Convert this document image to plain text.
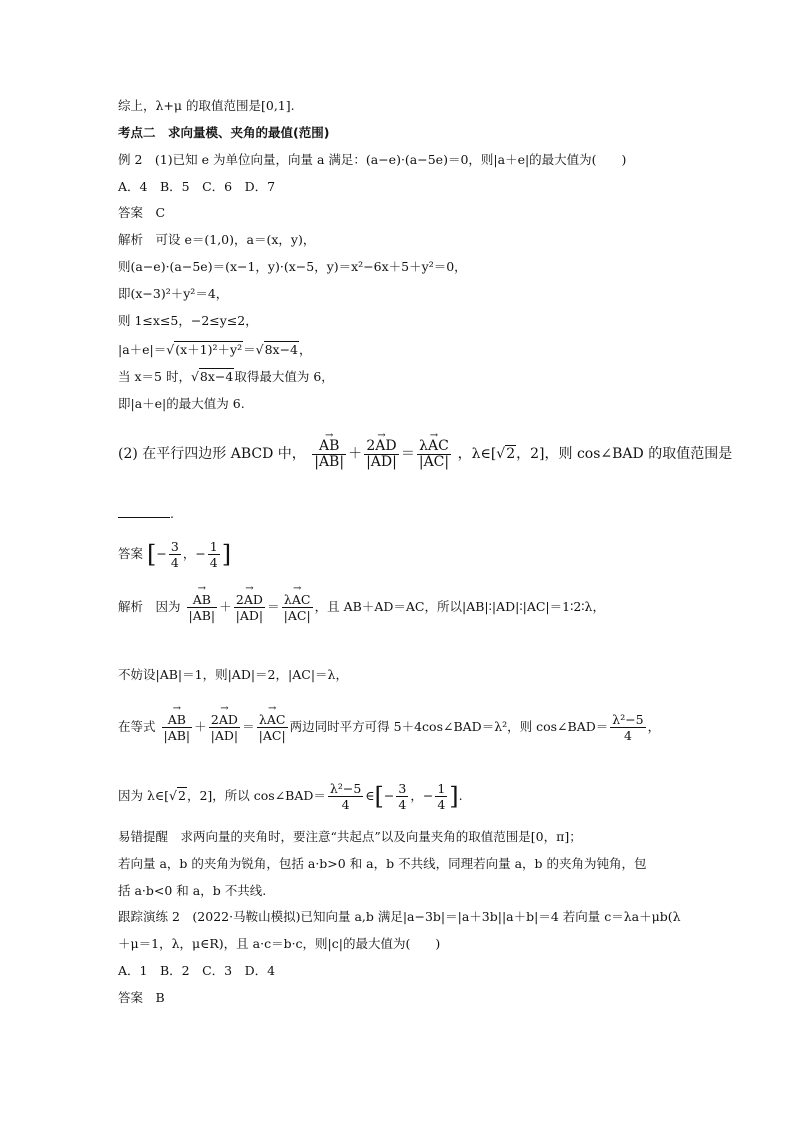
综上，λ+μ 的取值范围是[0,1].
考点二　求向量模、夹角的最值(范围)
例 2　(1)已知 e 为单位向量，向量 a 满足：(a−e)·(a−5e)＝0，则|a＋e|的最大值为(　　)
A．4　B．5　C．6　D．7
答案　C
解析　可设 e＝(1,0)，a＝(x，y)，
则(a−e)·(a−5e)＝(x−1，y)·(x−5，y)＝x²−6x＋5＋y²＝0，
即(x−3)²＋y²＝4，
则 1≤x≤5，−2≤y≤2，
|a＋e|＝√(x＋1)²＋y²＝√8x−4，
当 x＝5 时，√8x−4取得最大值为 6，
即|a＋e|的最大值为 6.
(2) 在平行四边形 ABCD 中， → $\frac{AB}{|AB|}$ ＋ → $\frac{2AD}{|AD|}$ ＝ → $\frac{\text{λAC}}{|AC|}$ ，λ∈[√2，2]，则 cos∠BAD 的取值范围是
.
答案 [− $\frac{3}{4}$ ，− $\frac{1}{4}$ ]
解析　因为 → $\frac{AB}{|AB|}$ ＋ → $\frac{2AD}{|AD|}$ ＝ → $\frac{\text{λAC}}{|AC|}$ ，且 AB＋AD＝AC，所以|AB|∶|AD|∶|AC|＝1∶2∶λ，
不妨设|AB|＝1，则|AD|＝2，|AC|＝λ，
在等式 → $\frac{AB}{|AB|}$ ＋ → $\frac{2AD}{|AD|}$ ＝ → $\frac{\text{λAC}}{|AC|}$ 两边同时平方可得 5＋4cos∠BAD＝λ²，则 cos∠BAD＝ $\frac{\text{λ²−5}}{4}$ ，
因为 λ∈[√2，2]，所以 cos∠BAD＝ $\frac{\text{λ²−5}}{4}$ ∈[− $\frac{3}{4}$ ，− $\frac{1}{4}$ ].
易错提醒　求两向量的夹角时，要注意“共起点”以及向量夹角的取值范围是[0，π]；
若向量 a，b 的夹角为锐角，包括 a·b>0 和 a，b 不共线，同理若向量 a，b 的夹角为钝角，包
括 a·b<0 和 a，b 不共线.
跟踪演练 2　(2022·马鞍山模拟)已知向量 a,b 满足|a−3b|＝|a＋3b||a＋b|＝4 若向量 c＝λa＋μb(λ
＋μ＝1，λ，μ∈R)，且 a·c＝b·c，则|c|的最大值为(　　)
A．1　B．2　C．3　D．4
答案　B
